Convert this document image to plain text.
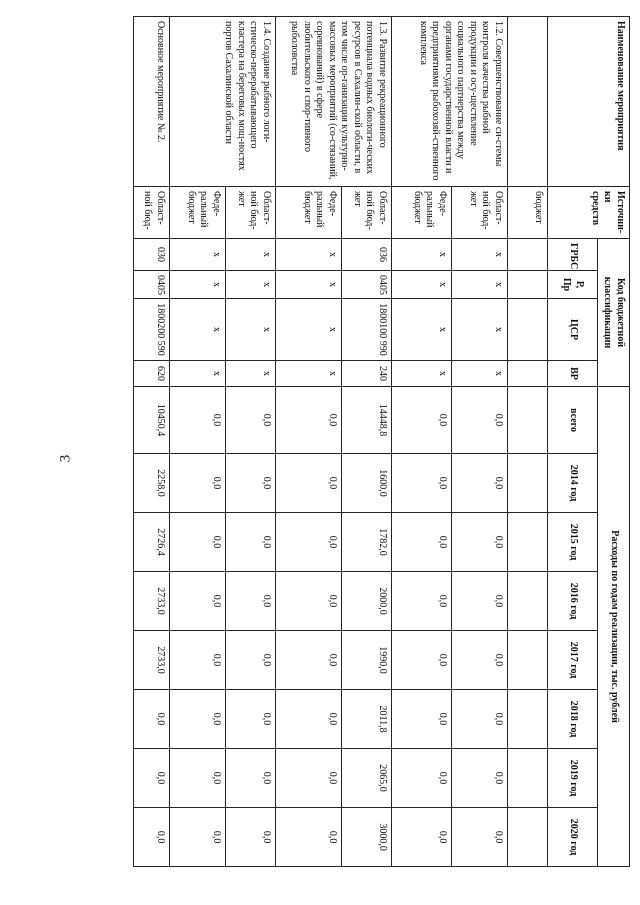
3
Наименование мероприятия	Источни-ки средств	Код бюджетной классификации				Расходы по годам реализации, тыс. рублей							
		ГРБС	Р, Пр	ЦСР	ВР	всего	2014 год	2015 год	2016 год	2017 год	2018 год	2019 год	2020 год
	бюджет												
1.2. Совершенствование си-стемы контроля качества рыбной продукции и осу-ществление социального партнерства между органами государственной власти и предприятиями рыбохозяй-ственного комплекса	Област-ной бюд-жет	x	x	x	x	0,0	0,0	0,0	0,0	0,0	0,0	0,0	0,0
	Феде-ральный бюджет	x	x	x	x	0,0	0,0	0,0	0,0	0,0	0,0	0,0	0,0
1.3. Развитие рекреационного потенциала водных биологи-ческих ресурсов в Сахалин-ской области, в том числе ор-ганизация культурно-массовых мероприятий (со-стязаний, соревнований) в сфере любительского и спор-тивного рыболовства	Област-ной бюд-жет	036	0405	1800100 990	240	14448,8	1600,0	1782,0	2000,0	1990,0	2011,8	2065,0	3000,0
	Феде-ральный бюджет	x	x	x	x	0,0	0,0	0,0	0,0	0,0	0,0	0,0	0,0
1.4. Создание рыбного логи-стическо-перерабатывающего кластера на береговых мощ-ностях портов Сахалинской области	Област-ной бюд-жет	x	x	x	x	0,0	0,0	0,0	0,0	0,0	0,0	0,0	0,0
	Феде-ральный бюджет	x	x	x	x	0,0	0,0	0,0	0,0	0,0	0,0	0,0	0,0
Основное мероприятие № 2.	Област-ной бюд-	030	0405	1800200 590	620	10450,4	2258,0	2726,4	2733,0	2733,0	0,0	0,0	0,0
